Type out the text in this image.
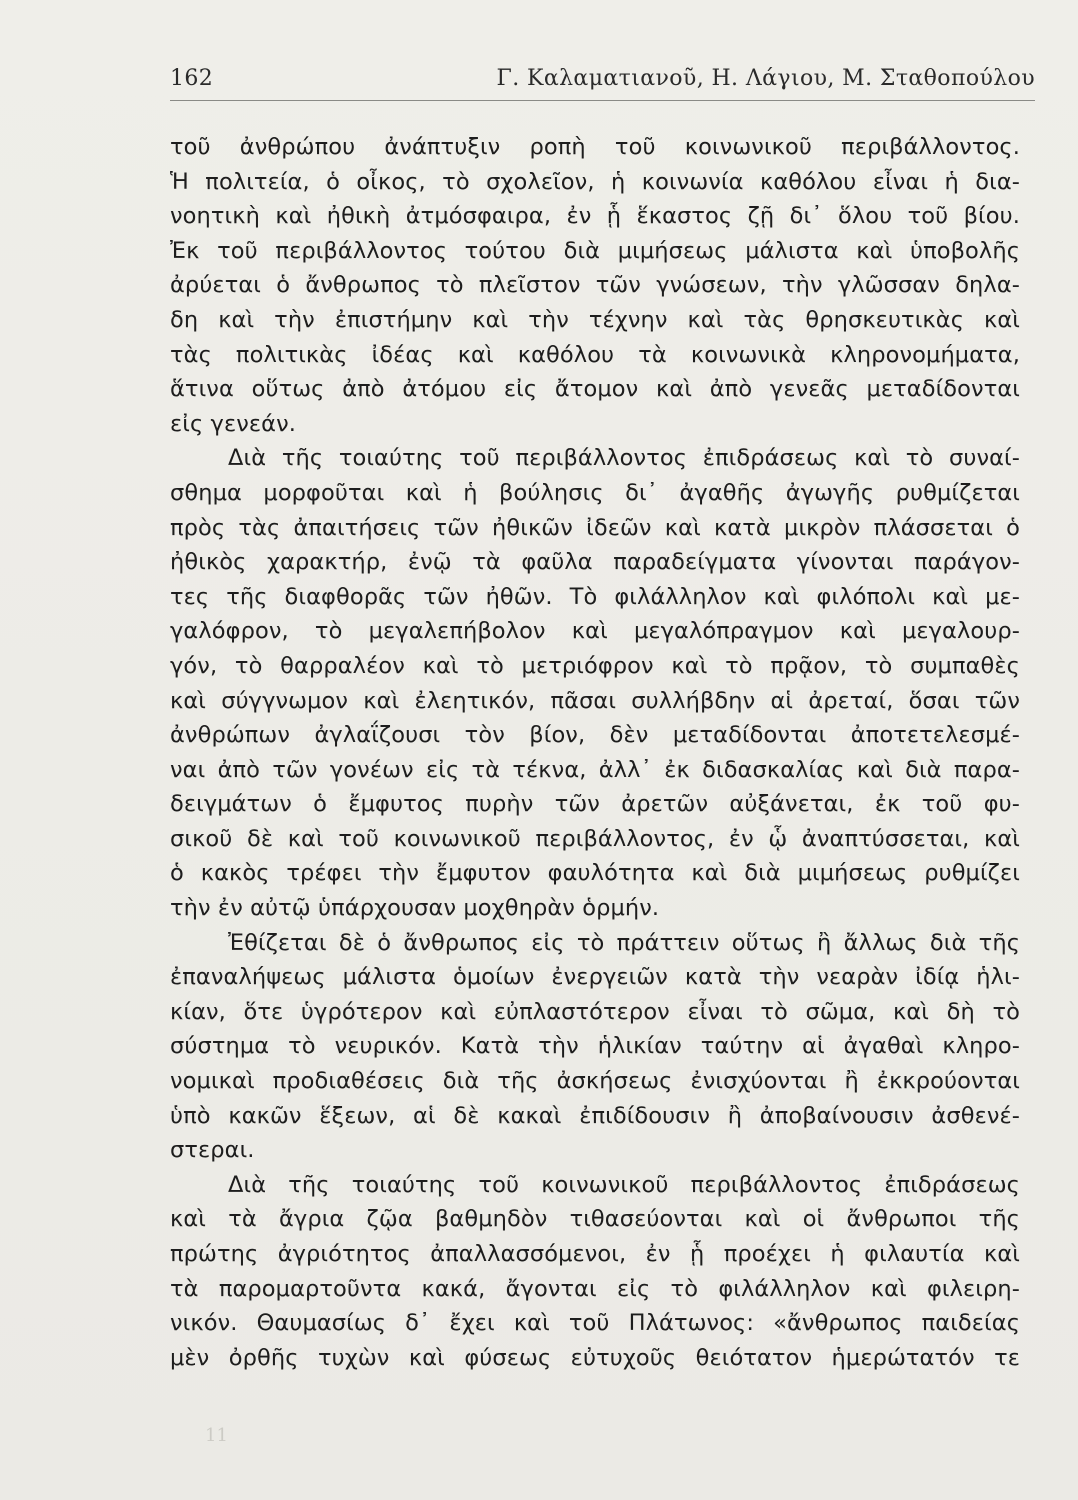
162	Γ. Καλαματιανοῦ, Η. Λάγιου, Μ. Σταθοπούλου
τοῦ ἀνθρώπου ἀνάπτυξιν ροπὴ τοῦ κοινωνικοῦ περιβάλλοντος.
Ἡ πολιτεία, ὁ οἶκος, τὸ σχολεῖον, ἡ κοινωνία καθόλου εἶναι ἡ δια-
νοητικὴ καὶ ἠθικὴ ἀτμόσφαιρα, ἐν ᾗ ἕκαστος ζῇ δι᾽ ὅλου τοῦ βίου.
Ἐκ τοῦ περιβάλλοντος τούτου διὰ μιμήσεως μάλιστα καὶ ὑποβολῆς
ἀρύεται ὁ ἄνθρωπος τὸ πλεῖστον τῶν γνώσεων, τὴν γλῶσσαν δηλα-
δη καὶ τὴν ἐπιστήμην καὶ τὴν τέχνην καὶ τὰς θρησκευτικὰς καὶ
τὰς πολιτικὰς ἰδέας καὶ καθόλου τὰ κοινωνικὰ κληρονομήματα,
ἅτινα οὕτως ἀπὸ ἀτόμου εἰς ἄτομον καὶ ἀπὸ γενεᾶς μεταδίδονται
εἰς γενεάν.
Διὰ τῆς τοιαύτης τοῦ περιβάλλοντος ἐπιδράσεως καὶ τὸ συναί-
σθημα μορφοῦται καὶ ἡ βούλησις δι᾽ ἀγαθῆς ἀγωγῆς ρυθμίζεται
πρὸς τὰς ἀπαιτήσεις τῶν ἠθικῶν ἰδεῶν καὶ κατὰ μικρὸν πλάσσεται ὁ
ἠθικὸς χαρακτήρ, ἐνῷ τὰ φαῦλα παραδείγματα γίνονται παράγον-
τες τῆς διαφθορᾶς τῶν ἠθῶν. Τὸ φιλάλληλον καὶ φιλόπολι καὶ με-
γαλόφρον, τὸ μεγαλεπήβολον καὶ μεγαλόπραγμον καὶ μεγαλουρ-
γόν, τὸ θαρραλέον καὶ τὸ μετριόφρον καὶ τὸ πρᾷον, τὸ συμπαθὲς
καὶ σύγγνωμον καὶ ἐλεητικόν, πᾶσαι συλλήβδην αἱ ἀρεταί, ὅσαι τῶν
ἀνθρώπων ἀγλαΐζουσι τὸν βίον, δὲν μεταδίδονται ἀποτετελεσμέ-
ναι ἀπὸ τῶν γονέων εἰς τὰ τέκνα, ἀλλ᾽ ἐκ διδασκαλίας καὶ διὰ παρα-
δειγμάτων ὁ ἔμφυτος πυρὴν τῶν ἀρετῶν αὐξάνεται, ἐκ τοῦ φυ-
σικοῦ δὲ καὶ τοῦ κοινωνικοῦ περιβάλλοντος, ἐν ᾧ ἀναπτύσσεται, καὶ
ὁ κακὸς τρέφει τὴν ἔμφυτον φαυλότητα καὶ διὰ μιμήσεως ρυθμίζει
τὴν ἐν αὐτῷ ὑπάρχουσαν μοχθηρὰν ὁρμήν.
Ἐθίζεται δὲ ὁ ἄνθρωπος εἰς τὸ πράττειν οὕτως ἢ ἄλλως διὰ τῆς
ἐπαναλήψεως μάλιστα ὁμοίων ἐνεργειῶν κατὰ τὴν νεαρὰν ἰδίᾳ ἡλι-
κίαν, ὅτε ὑγρότερον καὶ εὐπλαστότερον εἶναι τὸ σῶμα, καὶ δὴ τὸ
σύστημα τὸ νευρικόν. Κατὰ τὴν ἡλικίαν ταύτην αἱ ἀγαθαὶ κληρο-
νομικαὶ προδιαθέσεις διὰ τῆς ἀσκήσεως ἐνισχύονται ἢ ἐκκρούονται
ὑπὸ κακῶν ἕξεων, αἱ δὲ κακαὶ ἐπιδίδουσιν ἢ ἀποβαίνουσιν ἀσθενέ-
στεραι.
Διὰ τῆς τοιαύτης τοῦ κοινωνικοῦ περιβάλλοντος ἐπιδράσεως
καὶ τὰ ἄγρια ζῷα βαθμηδὸν τιθασεύονται καὶ οἱ ἄνθρωποι τῆς
πρώτης ἀγριότητος ἀπαλλασσόμενοι, ἐν ᾗ προέχει ἡ φιλαυτία καὶ
τὰ παρομαρτοῦντα κακά, ἄγονται εἰς τὸ φιλάλληλον καὶ φιλειρη-
νικόν. Θαυμασίως δ᾽ ἔχει καὶ τοῦ Πλάτωνος: «ἄνθρωπος παιδείας
μὲν ὀρθῆς τυχὼν καὶ φύσεως εὐτυχοῦς θειότατον ἡμερώτατόν τε
11
